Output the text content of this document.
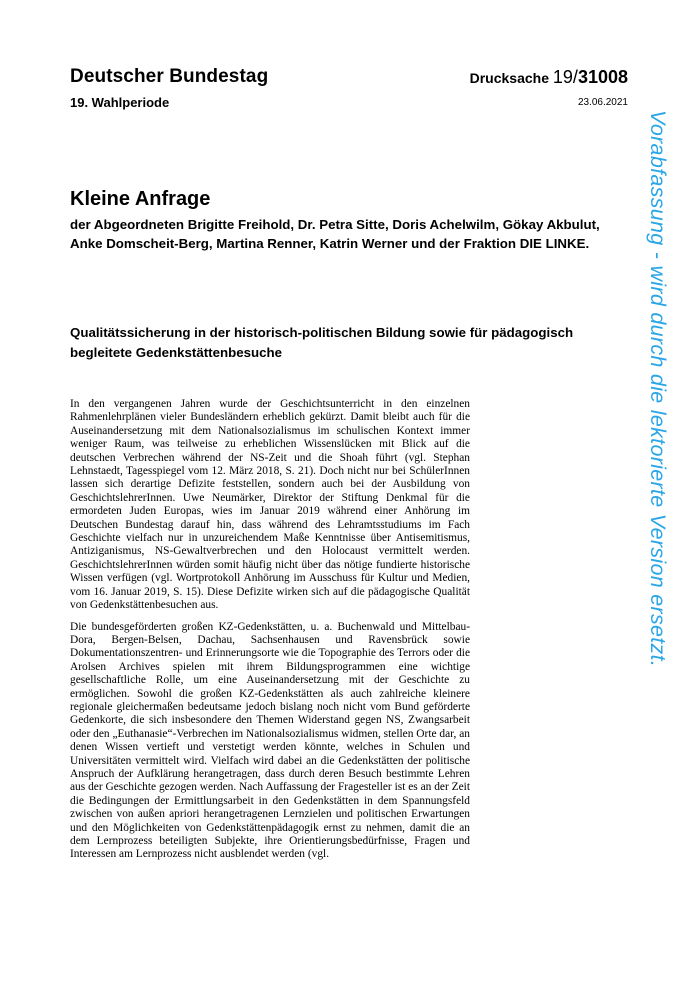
Deutscher Bundestag
19. Wahlperiode
Drucksache 19/31008
23.06.2021
Kleine Anfrage
der Abgeordneten Brigitte Freihold, Dr. Petra Sitte, Doris Achelwilm, Gökay Akbulut, Anke Domscheit-Berg, Martina Renner, Katrin Werner und der Fraktion DIE LINKE.
Qualitätssicherung in der historisch-politischen Bildung sowie für pädagogisch begleitete Gedenkstättenbesuche

In den vergangenen Jahren wurde der Geschichtsunterricht in den einzelnen Rahmenlehrplänen vieler Bundesländern erheblich gekürzt. Damit bleibt auch für die Auseinandersetzung mit dem Nationalsozialismus im schulischen Kontext immer weniger Raum, was teilweise zu erheblichen Wissenslücken mit Blick auf die deutschen Verbrechen während der NS-Zeit und die Shoah führt (vgl. Stephan Lehnstaedt, Tagesspiegel vom 12. März 2018, S. 21). Doch nicht nur bei SchülerInnen lassen sich derartige Defizite feststellen, sondern auch bei der Ausbildung von GeschichtslehrerInnen. Uwe Neumärker, Direktor der Stiftung Denkmal für die ermordeten Juden Europas, wies im Januar 2019 während einer Anhörung im Deutschen Bundestag darauf hin, dass während des Lehramtsstudiums im Fach Geschichte vielfach nur in unzureichendem Maße Kenntnisse über Antisemitismus, Antiziganismus, NS-Gewaltverbrechen und den Holocaust vermittelt werden. GeschichtslehrerInnen würden somit häufig nicht über das nötige fundierte historische Wissen verfügen (vgl. Wortprotokoll Anhörung im Ausschuss für Kultur und Medien, vom 16. Januar 2019, S. 15). Diese Defizite wirken sich auf die pädagogische Qualität von Gedenkstättenbesuchen aus.

Die bundesgeförderten großen KZ-Gedenkstätten, u. a. Buchenwald und Mittelbau-Dora, Bergen-Belsen, Dachau, Sachsenhausen und Ravensbrück sowie Dokumentationszentren- und Erinnerungsorte wie die Topographie des Terrors oder die Arolsen Archives spielen mit ihrem Bildungsprogrammen eine wichtige gesellschaftliche Rolle, um eine Auseinandersetzung mit der Geschichte zu ermöglichen. Sowohl die großen KZ-Gedenkstätten als auch zahlreiche kleinere regionale gleichermaßen bedeutsame jedoch bislang noch nicht vom Bund geförderte Gedenkorte, die sich insbesondere den Themen Widerstand gegen NS, Zwangsarbeit oder den „Euthanasie“-Verbrechen im Nationalsozialismus widmen, stellen Orte dar, an denen Wissen vertieft und verstetigt werden könnte, welches in Schulen und Universitäten vermittelt wird. Vielfach wird dabei an die Gedenkstätten der politische Anspruch der Aufklärung herangetragen, dass durch deren Besuch bestimmte Lehren aus der Geschichte gezogen werden. Nach Auffassung der Fragesteller ist es an der Zeit die Bedingungen der Ermittlungsarbeit in den Gedenkstätten in dem Spannungsfeld zwischen von außen apriori herangetragenen Lernzielen und politischen Erwartungen und den Möglichkeiten von Gedenkstättenpädagogik ernst zu nehmen, damit die an dem Lernprozess beteiligten Subjekte, ihre Orientierungsbedürfnisse, Fragen und Interessen am Lernprozess nicht ausblendet werden (vgl.

Vorabfassung - wird durch die lektorierte Version ersetzt.
